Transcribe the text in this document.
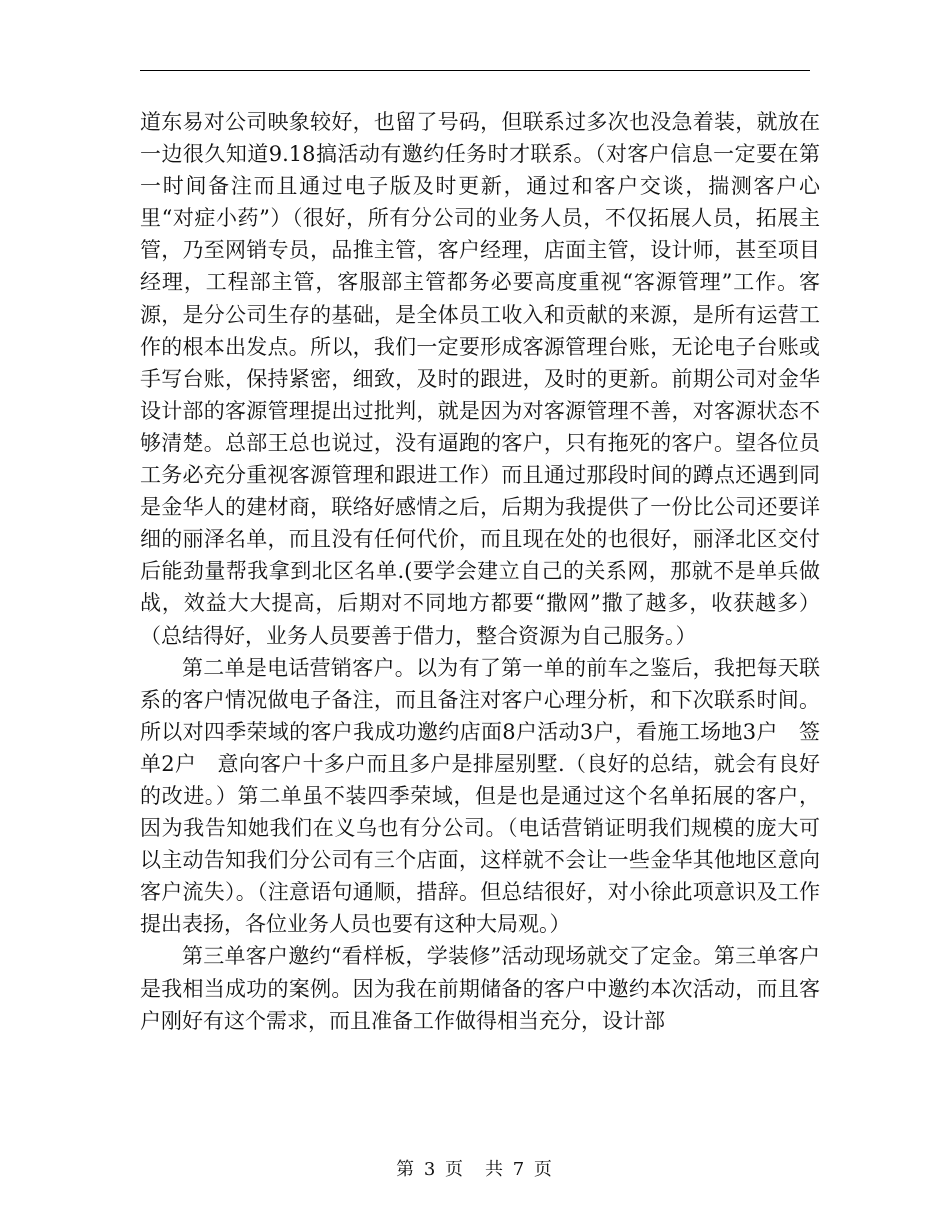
道东易对公司映象较好，也留了号码，但联系过多次也没急着装，就放在一边很久知道9.18搞活动有邀约任务时才联系。（对客户信息一定要在第一时间备注而且通过电子版及时更新，通过和客户交谈，揣测客户心里“对症小药”）（很好，所有分公司的业务人员，不仅拓展人员，拓展主管，乃至网销专员，品推主管，客户经理，店面主管，设计师，甚至项目经理，工程部主管，客服部主管都务必要高度重视“客源管理”工作。客源，是分公司生存的基础，是全体员工收入和贡献的来源，是所有运营工作的根本出发点。所以，我们一定要形成客源管理台账，无论电子台账或手写台账，保持紧密，细致，及时的跟进，及时的更新。前期公司对金华设计部的客源管理提出过批判，就是因为对客源管理不善，对客源状态不够清楚。总部王总也说过，没有逼跑的客户，只有拖死的客户。望各位员工务必充分重视客源管理和跟进工作）而且通过那段时间的蹲点还遇到同是金华人的建材商，联络好感情之后，后期为我提供了一份比公司还要详细的丽泽名单，而且没有任何代价，而且现在处的也很好，丽泽北区交付后能劲量帮我拿到北区名单.(要学会建立自己的关系网，那就不是单兵做战，效益大大提高，后期对不同地方都要“撒网”撒了越多，收获越多）（总结得好，业务人员要善于借力，整合资源为自己服务。）

第二单是电话营销客户。以为有了第一单的前车之鉴后，我把每天联系的客户情况做电子备注，而且备注对客户心理分析，和下次联系时间。所以对四季荣域的客户我成功邀约店面8户活动3户，看施工场地3户　签单2户　意向客户十多户而且多户是排屋别墅.（良好的总结，就会有良好的改进。）第二单虽不装四季荣域，但是也是通过这个名单拓展的客户，因为我告知她我们在义乌也有分公司。（电话营销证明我们规模的庞大可以主动告知我们分公司有三个店面，这样就不会让一些金华其他地区意向客户流失）。（注意语句通顺，措辞。但总结很好，对小徐此项意识及工作提出表扬，各位业务人员也要有这种大局观。）

第三单客户邀约“看样板，学装修”活动现场就交了定金。第三单客户是我相当成功的案例。因为我在前期储备的客户中邀约本次活动，而且客户刚好有这个需求，而且准备工作做得相当充分，设计部

第 3 页　共 7 页
